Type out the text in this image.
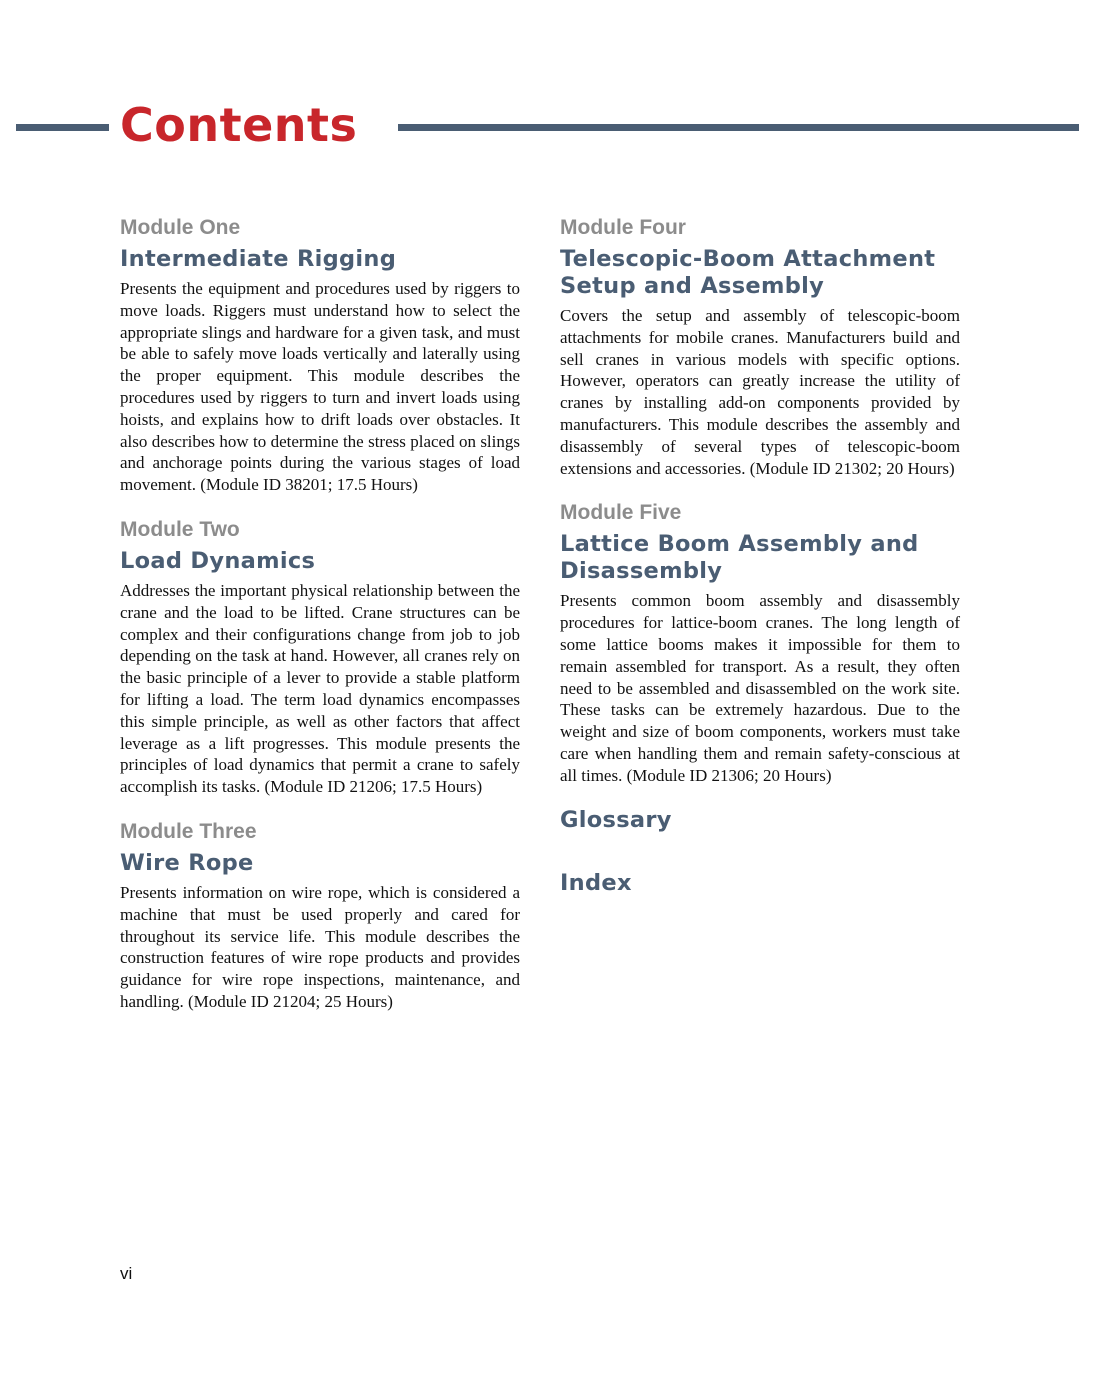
Contents
Module One
Intermediate Rigging

Presents the equipment and procedures used by riggers to move loads. Riggers must understand how to select the appropriate slings and hardware for a given task, and must be able to safely move loads vertically and laterally using the proper equipment. This module describes the procedures used by riggers to turn and invert loads using hoists, and explains how to drift loads over obstacles. It also describes how to determine the stress placed on slings and anchorage points during the various stages of load movement. (Module ID 38201; 17.5 Hours)

Module Two
Load Dynamics

Addresses the important physical relationship between the crane and the load to be lifted. Crane structures can be complex and their configurations change from job to job depending on the task at hand. However, all cranes rely on the basic principle of a lever to provide a stable platform for lifting a load. The term load dynamics encompasses this simple principle, as well as other factors that affect leverage as a lift progresses. This module presents the principles of load dynamics that permit a crane to safely accomplish its tasks. (Module ID 21206; 17.5 Hours)

Module Three
Wire Rope

Presents information on wire rope, which is considered a machine that must be used properly and cared for throughout its service life. This module describes the construction features of wire rope products and provides guidance for wire rope inspections, maintenance, and handling. (Module ID 21204; 25 Hours)

Module Four
Telescopic-Boom Attachment Setup and Assembly

Covers the setup and assembly of telescopic-boom attachments for mobile cranes. Manufacturers build and sell cranes in various models with specific options. However, operators can greatly increase the utility of cranes by installing add-on components provided by manufacturers. This module describes the assembly and disassembly of several types of telescopic-boom extensions and accessories. (Module ID 21302; 20 Hours)

Module Five
Lattice Boom Assembly and Disassembly

Presents common boom assembly and disassembly procedures for lattice-boom cranes. The long length of some lattice booms makes it impossible for them to remain assembled for transport. As a result, they often need to be assembled and disassembled on the work site. These tasks can be extremely hazardous. Due to the weight and size of boom components, workers must take care when handling them and remain safety-conscious at all times. (Module ID 21306; 20 Hours)

Glossary
Index
vi
